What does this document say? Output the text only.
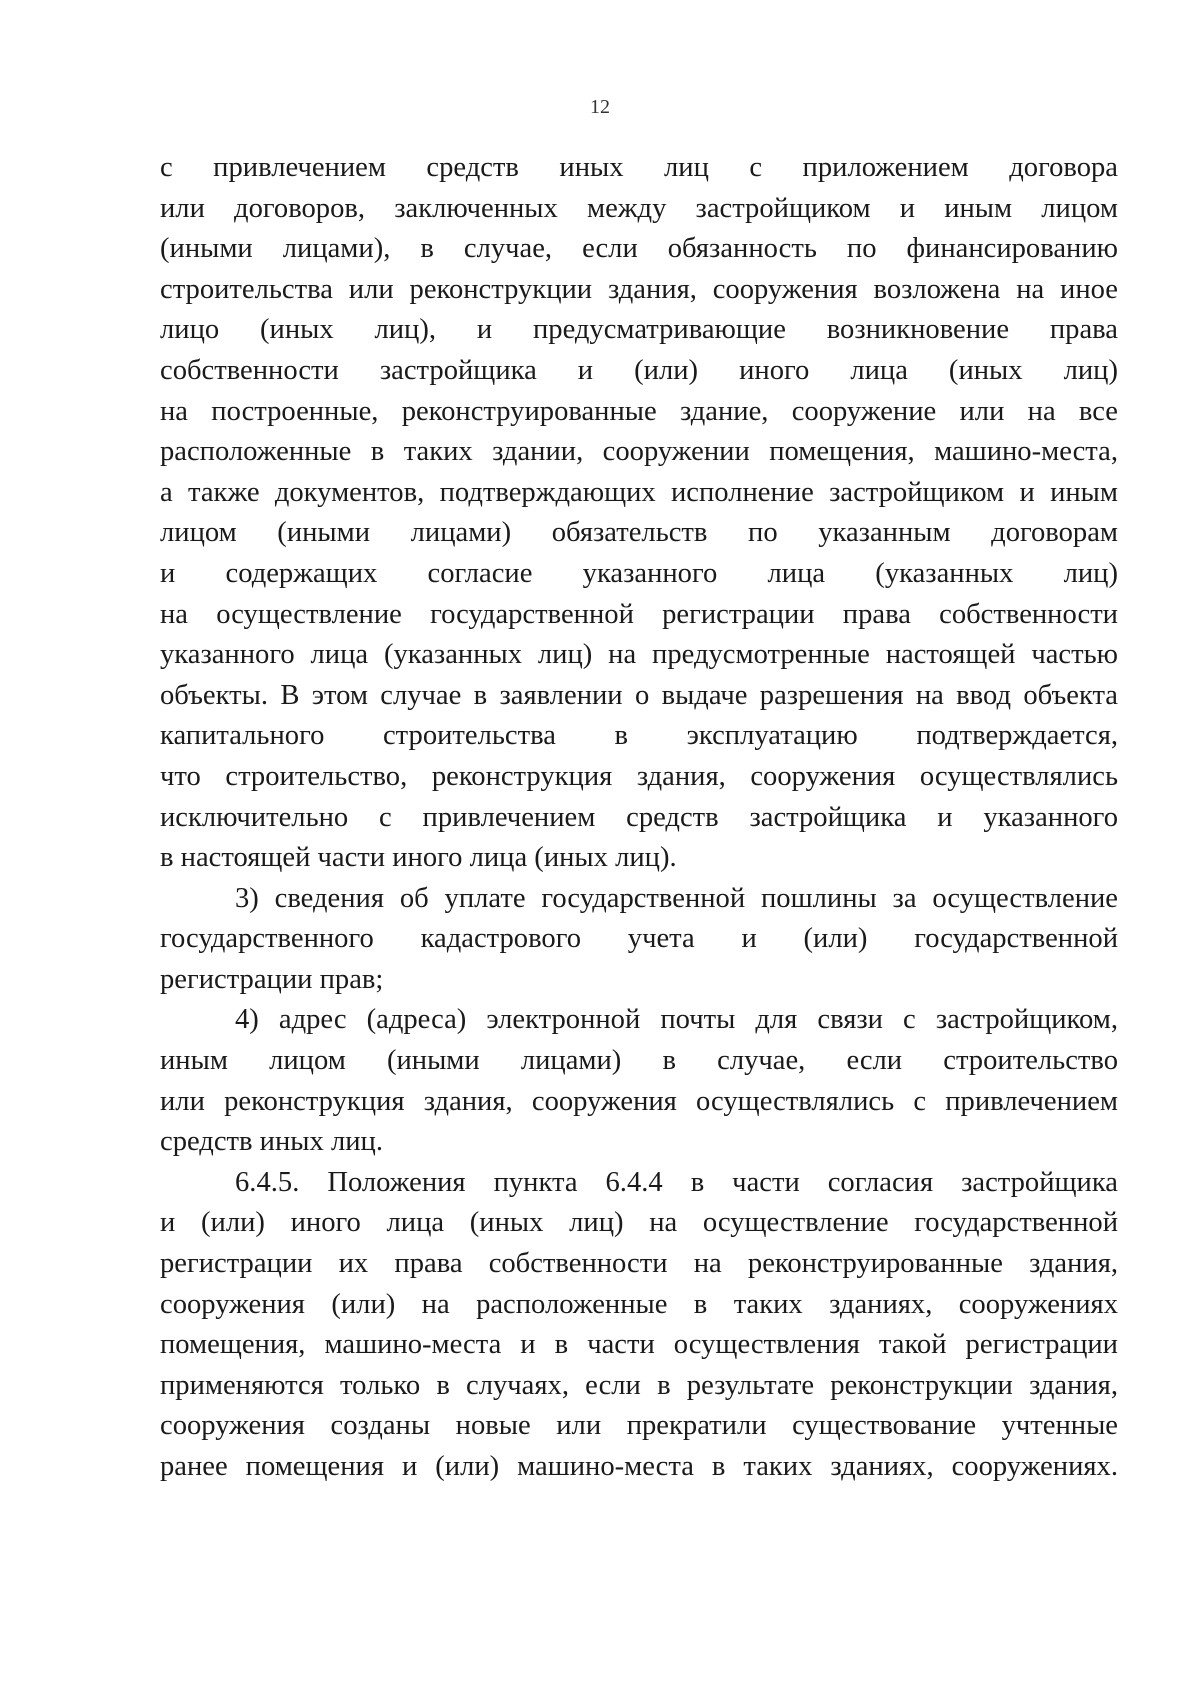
12
с привлечением средств иных лиц с приложением договора
или договоров, заключенных между застройщиком и иным лицом
(иными лицами), в случае, если обязанность по финансированию
строительства или реконструкции здания, сооружения возложена на иное
лицо (иных лиц), и предусматривающие возникновение права
собственности застройщика и (или) иного лица (иных лиц)
на построенные, реконструированные здание, сооружение или на все
расположенные в таких здании, сооружении помещения, машино-места,
а также документов, подтверждающих исполнение застройщиком и иным
лицом (иными лицами) обязательств по указанным договорам
и содержащих согласие указанного лица (указанных лиц)
на осуществление государственной регистрации права собственности
указанного лица (указанных лиц) на предусмотренные настоящей частью
объекты. В этом случае в заявлении о выдаче разрешения на ввод объекта
капитального строительства в эксплуатацию подтверждается,
что строительство, реконструкция здания, сооружения осуществлялись
исключительно с привлечением средств застройщика и указанного
в настоящей части иного лица (иных лиц).
3) сведения об уплате государственной пошлины за осуществление
государственного кадастрового учета и (или) государственной
регистрации прав;
4) адрес (адреса) электронной почты для связи с застройщиком,
иным лицом (иными лицами) в случае, если строительство
или реконструкция здания, сооружения осуществлялись с привлечением
средств иных лиц.
6.4.5. Положения пункта 6.4.4 в части согласия застройщика
и (или) иного лица (иных лиц) на осуществление государственной
регистрации их права собственности на реконструированные здания,
сооружения (или) на расположенные в таких зданиях, сооружениях
помещения, машино-места и в части осуществления такой регистрации
применяются только в случаях, если в результате реконструкции здания,
сооружения созданы новые или прекратили существование учтенные
ранее помещения и (или) машино-места в таких зданиях, сооружениях.
